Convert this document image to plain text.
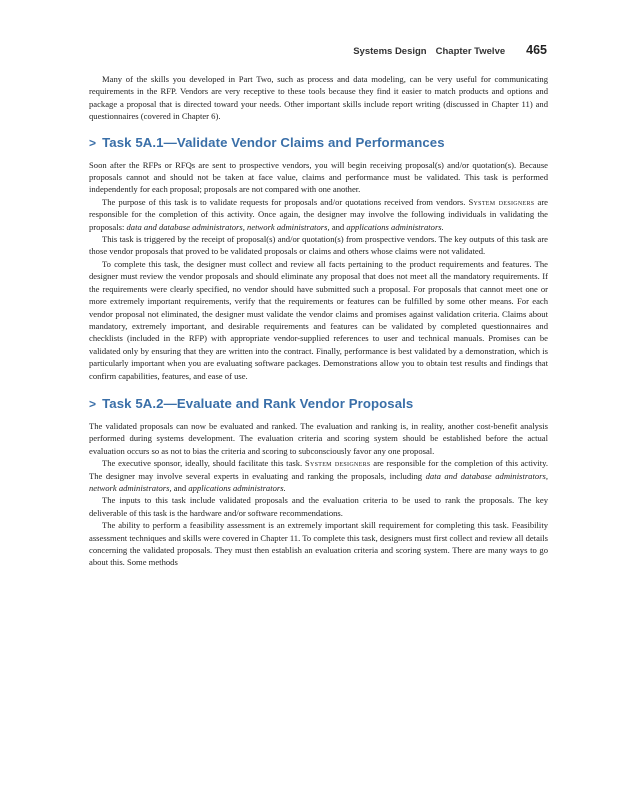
Systems Design Chapter Twelve 465

Many of the skills you developed in Part Two, such as process and data modeling, can be very useful for communicating requirements in the RFP. Vendors are very receptive to these tools because they find it easier to match products and options and package a proposal that is directed toward your needs. Other important skills include report writing (discussed in Chapter 11) and questionnaires (covered in Chapter 6).

> Task 5A.1—Validate Vendor Claims and Performances

Soon after the RFPs or RFQs are sent to prospective vendors, you will begin receiving proposal(s) and/or quotation(s). Because proposals cannot and should not be taken at face value, claims and performance must be validated. This task is performed independently for each proposal; proposals are not compared with one another.

The purpose of this task is to validate requests for proposals and/or quotations received from vendors. System designers are responsible for the completion of this activity. Once again, the designer may involve the following individuals in validating the proposals: data and database administrators, network administrators, and applications administrators.

This task is triggered by the receipt of proposal(s) and/or quotation(s) from prospective vendors. The key outputs of this task are those vendor proposals that proved to be validated proposals or claims and others whose claims were not validated.

To complete this task, the designer must collect and review all facts pertaining to the product requirements and features. The designer must review the vendor proposals and should eliminate any proposal that does not meet all the mandatory requirements. If the requirements were clearly specified, no vendor should have submitted such a proposal. For proposals that cannot meet one or more extremely important requirements, verify that the requirements or features can be fulfilled by some other means. For each vendor proposal not eliminated, the designer must validate the vendor claims and promises against validation criteria. Claims about mandatory, extremely important, and desirable requirements and features can be validated by completed questionnaires and checklists (included in the RFP) with appropriate vendor-supplied references to user and technical manuals. Promises can be validated only by ensuring that they are written into the contract. Finally, performance is best validated by a demonstration, which is particularly important when you are evaluating software packages. Demonstrations allow you to obtain test results and findings that confirm capabilities, features, and ease of use.

> Task 5A.2—Evaluate and Rank Vendor Proposals

The validated proposals can now be evaluated and ranked. The evaluation and ranking is, in reality, another cost-benefit analysis performed during systems development. The evaluation criteria and scoring system should be established before the actual evaluation occurs so as not to bias the criteria and scoring to subconsciously favor any one proposal.

The executive sponsor, ideally, should facilitate this task. System designers are responsible for the completion of this activity. The designer may involve several experts in evaluating and ranking the proposals, including data and database administrators, network administrators, and applications administrators.

The inputs to this task include validated proposals and the evaluation criteria to be used to rank the proposals. The key deliverable of this task is the hardware and/or software recommendations.

The ability to perform a feasibility assessment is an extremely important skill requirement for completing this task. Feasibility assessment techniques and skills were covered in Chapter 11. To complete this task, designers must first collect and review all details concerning the validated proposals. They must then establish an evaluation criteria and scoring system. There are many ways to go about this. Some methods
